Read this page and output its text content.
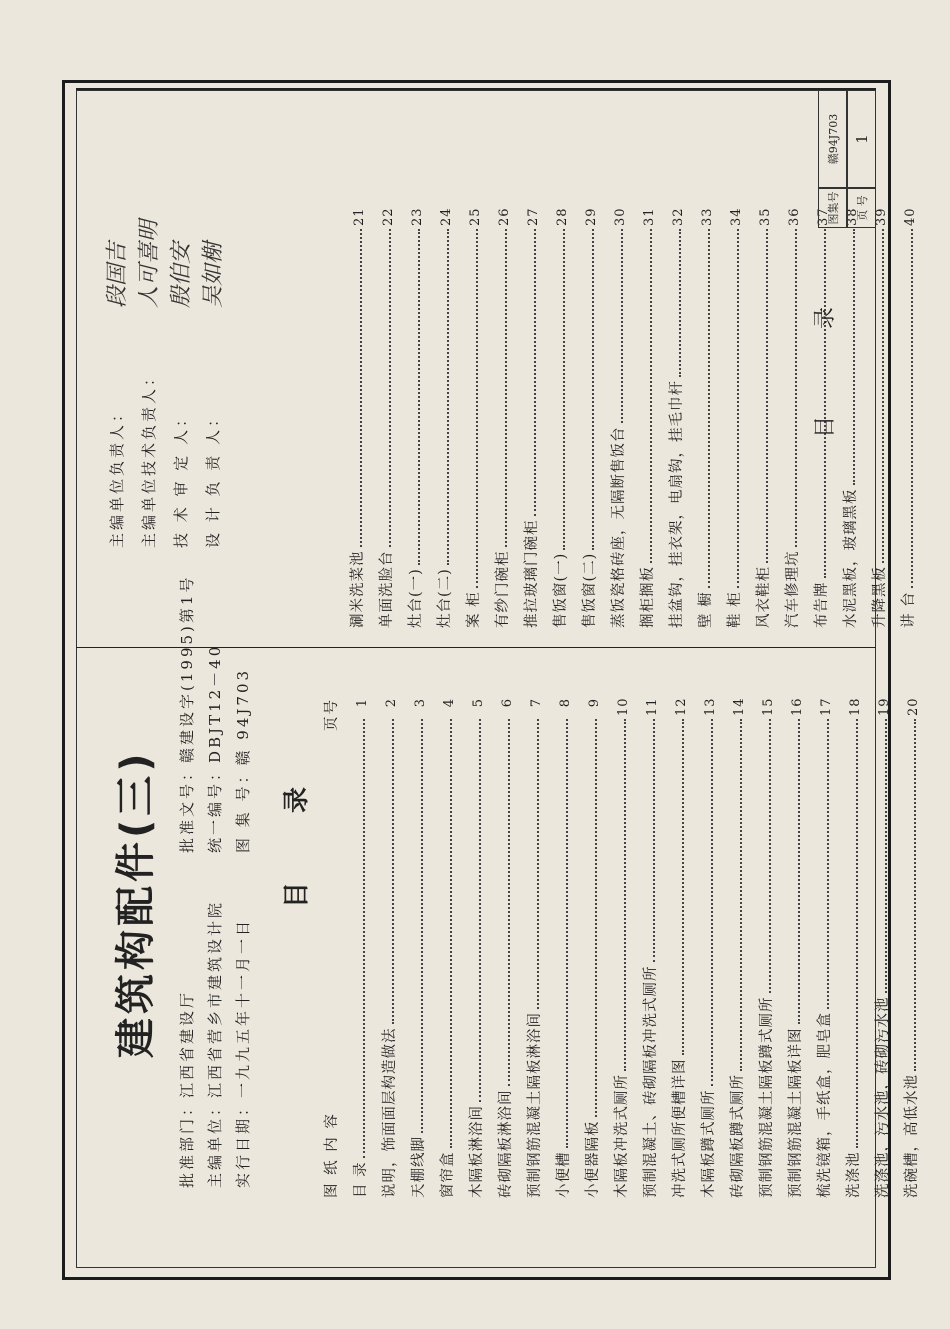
建筑构配件(三)
批准部门：江西省建设厅 主编单位：江西省营乡市建筑设计院 实行日期：一九九五年十一月一日
批准文号：赣建设字(1995)第1号 统一编号：DBJT12－40 图 集 号：赣 94J703 目 录
图 纸 内 容
页号
目 录
1
说明，饰面面层构造做法
2
天棚线脚
3
窗帘盒
4
木隔板淋浴间
5
砖砌隔板淋浴间
6
预制钢筋混凝土隔板淋浴间
7
小便槽
8
小便器隔板
9
木隔板冲洗式厕所
10
预制混凝土、砖砌隔板冲洗式厕所
11
冲洗式厕所便槽详图
12
木隔板蹲式厕所
13
砖砌隔板蹲式厕所
14
预制钢筋混凝土隔板蹲式厕所
15
预制钢筋混凝土隔板详图
16
梳洗镜箱，手纸盒，肥皂盒
17
洗涤池
18
洗涤池，污水池，砖砌污水池
19
洗碗槽，高低水池
20
涮米洗菜池
21
单面洗脸台
22
灶台(一)
23
灶台(二)
24
案 柜
25
有纱门碗柜
26
推拉玻璃门碗柜
27
售饭窗(一)
28
售饭窗(二)
29
蒸饭瓷格砖座，无隔断售饭台
30
搁柜搁板
31
挂盆钩，挂衣架，电扇钩，挂毛巾杆
32
壁 橱
33
鞋 柜
34
风衣鞋柜
35
汽车修理坑
36
布告牌
37
水泥黑板，玻璃黑板
38
升降黑板
39
讲 台
40
主编单位负责人：
段国吉
主编单位技术负责人：
人可喜明
技 术 审 定 人：
殷伯安
设 计 负 责 人：
吴如榭	目 录
图集号
赣94J703
页 号
1
